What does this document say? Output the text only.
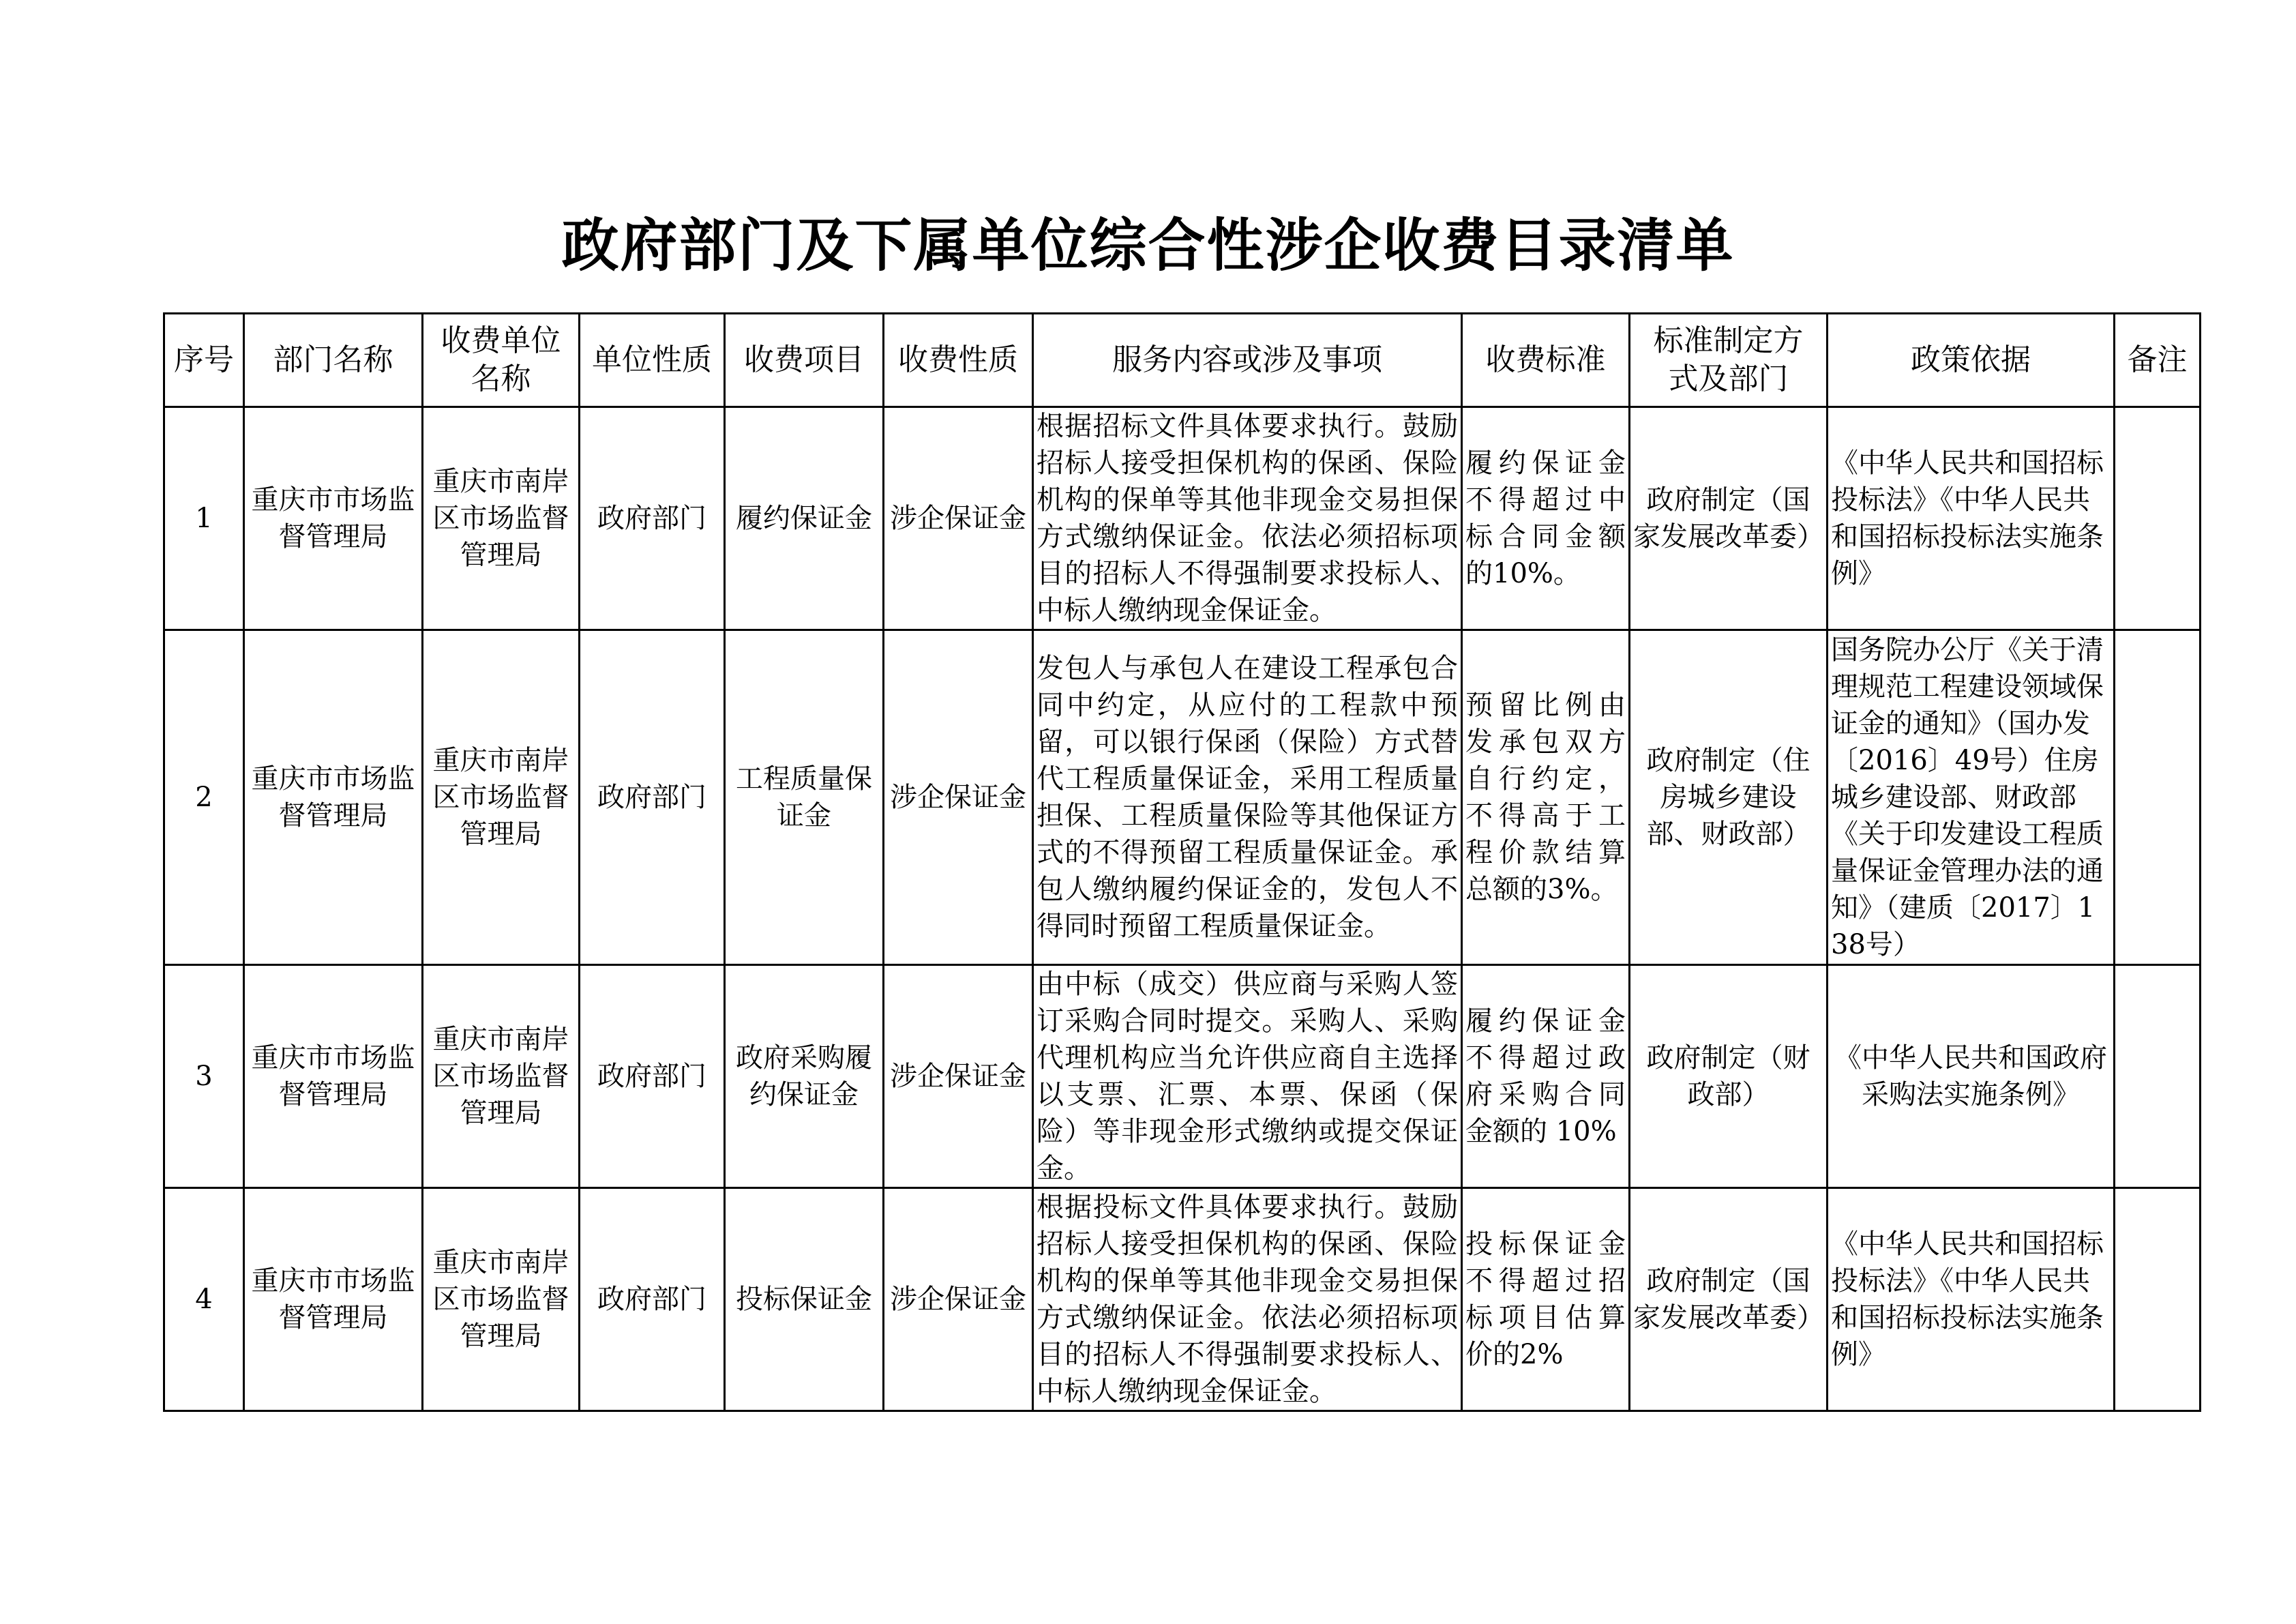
政府部门及下属单位综合性涉企收费目录清单
序号	部门名称	收费单位名称	单位性质	收费项目	收费性质	服务内容或涉及事项	收费标准	标准制定方式及部门	政策依据	备注
1	重庆市市场监督管理局	重庆市南岸区市场监督管理局	政府部门	履约保证金	涉企保证金	根据招标文件具体要求执行。鼓励招标人接受担保机构的保函、保险机构的保单等其他非现金交易担保方式缴纳保证金。依法必须招标项目的招标人不得强制要求投标人、中标人缴纳现金保证金。	履约保证金不得超过中标合同金额的10%。	政府制定（国家发展改革委）	《中华人民共和国招标投标法》《中华人民共和国招标投标法实施条例》	
2	重庆市市场监督管理局	重庆市南岸区市场监督管理局	政府部门	工程质量保证金	涉企保证金	发包人与承包人在建设工程承包合同中约定，从应付的工程款中预留，可以银行保函（保险）方式替代工程质量保证金，采用工程质量担保、工程质量保险等其他保证方式的不得预留工程质量保证金。承包人缴纳履约保证金的，发包人不得同时预留工程质量保证金。	预留比例由发承包双方自行约定，不得高于工程价款结算总额的3%。	政府制定（住房城乡建设部、财政部）	国务院办公厅《关于清理规范工程建设领域保证金的通知》（国办发〔2016〕49号）住房城乡建设部、财政部《关于印发建设工程质量保证金管理办法的通知》（建质〔2017〕138号）	
3	重庆市市场监督管理局	重庆市南岸区市场监督管理局	政府部门	政府采购履约保证金	涉企保证金	由中标（成交）供应商与采购人签订采购合同时提交。采购人、采购代理机构应当允许供应商自主选择以支票、汇票、本票、保函（保险）等非现金形式缴纳或提交保证金。	履约保证金不得超过政府采购合同金额的 10%	政府制定（财政部）	《中华人民共和国政府采购法实施条例》	
4	重庆市市场监督管理局	重庆市南岸区市场监督管理局	政府部门	投标保证金	涉企保证金	根据投标文件具体要求执行。鼓励招标人接受担保机构的保函、保险机构的保单等其他非现金交易担保方式缴纳保证金。依法必须招标项目的招标人不得强制要求投标人、中标人缴纳现金保证金。	投标保证金不得超过招标项目估算价的2%	政府制定（国家发展改革委）	《中华人民共和国招标投标法》《中华人民共和国招标投标法实施条例》	
